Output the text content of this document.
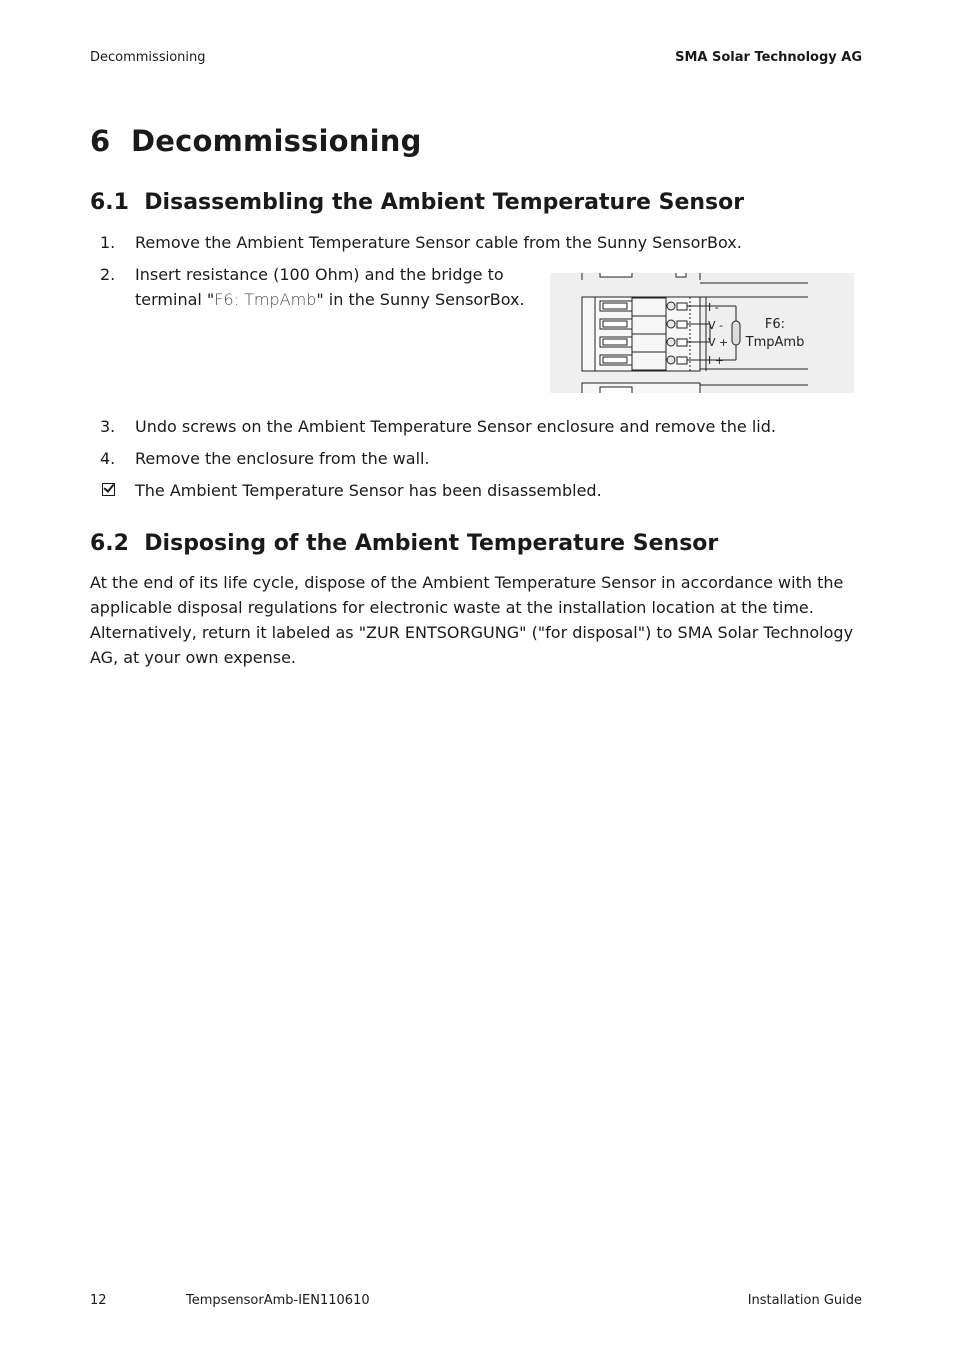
Decommissioning	SMA Solar Technology AG
6  Decommissioning
6.1  Disassembling the Ambient Temperature Sensor
1.	Remove the Ambient Temperature Sensor cable from the Sunny SensorBox.
2.	Insert resistance (100 Ohm) and the bridge to
terminal "F6: TmpAmb" in the Sunny SensorBox.	I -
V -
V +
I +
F6:
TmpAmb
3.	Undo screws on the Ambient Temperature Sensor enclosure and remove the lid.
4.	Remove the enclosure from the wall.
The Ambient Temperature Sensor has been disassembled.
6.2  Disposing of the Ambient Temperature Sensor
At the end of its life cycle, dispose of the Ambient Temperature Sensor in accordance with the
applicable disposal regulations for electronic waste at the installation location at the time.
Alternatively, return it labeled as "ZUR ENTSORGUNG" ("for disposal") to SMA Solar Technology
AG, at your own expense.
12	TempsensorAmb-IEN110610	Installation Guide
